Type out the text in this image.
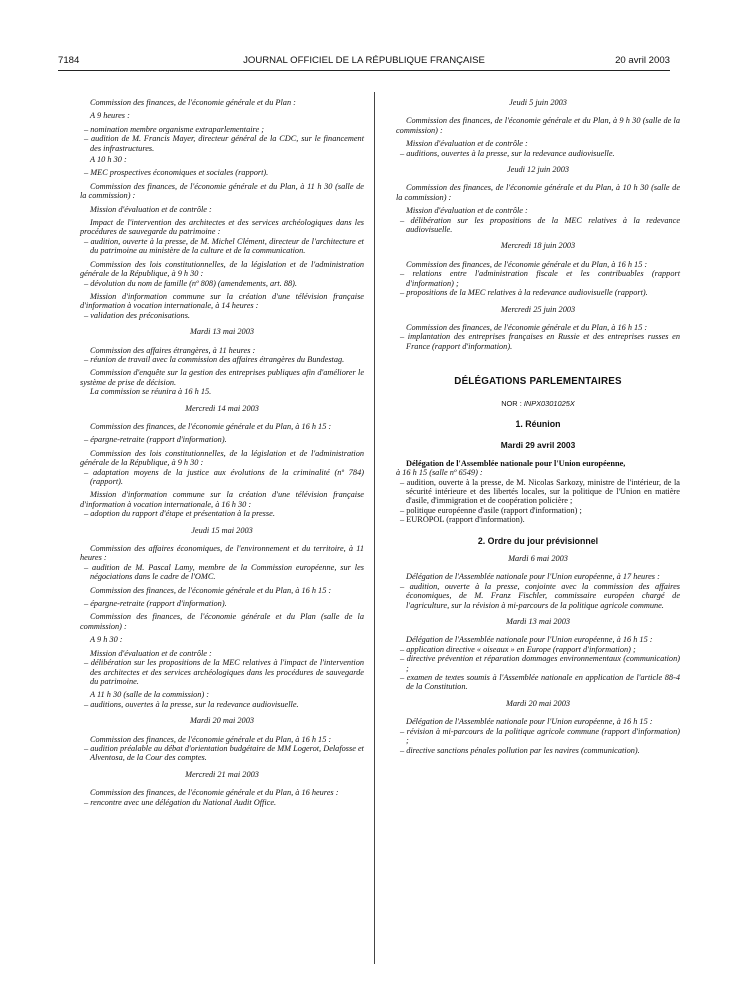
7184	JOURNAL OFFICIEL DE LA RÉPUBLIQUE FRANÇAISE	20 avril 2003

Commission des finances, de l'économie générale et du Plan :

A 9 heures :

– nomination membre organisme extraparlementaire ;

– audition de M. Francis Mayer, directeur général de la CDC, sur le financement des infrastructures.

A 10 h 30 :

– MEC prospectives économiques et sociales (rapport).

Commission des finances, de l'économie générale et du Plan, à 11 h 30 (salle de la commission) :

Mission d'évaluation et de contrôle :

Impact de l'intervention des architectes et des services archéologiques dans les procédures de sauvegarde du patrimoine :

– audition, ouverte à la presse, de M. Michel Clément, directeur de l'architecture et du patrimoine au ministère de la culture et de la communication.

Commission des lois constitutionnelles, de la législation et de l'administration générale de la République, à 9 h 30 :

– dévolution du nom de famille (nº 808) (amendements, art. 88).

Mission d'information commune sur la création d'une télévision française d'information à vocation internationale, à 14 heures :

– validation des préconisations.

Mardi 13 mai 2003

Commission des affaires étrangères, à 11 heures :

– réunion de travail avec la commission des affaires étrangères du Bundestag.

Commission d'enquête sur la gestion des entreprises publiques afin d'améliorer le système de prise de décision.

La commission se réunira à 16 h 15.

Mercredi 14 mai 2003

Commission des finances, de l'économie générale et du Plan, à 16 h 15 :

– épargne-retraite (rapport d'information).

Commission des lois constitutionnelles, de la législation et de l'administration générale de la République, à 9 h 30 :

– adaptation moyens de la justice aux évolutions de la criminalité (nº 784) (rapport).

Mission d'information commune sur la création d'une télévision française d'information à vocation internationale, à 16 h 30 :

– adoption du rapport d'étape et présentation à la presse.

Jeudi 15 mai 2003

Commission des affaires économiques, de l'environnement et du territoire, à 11 heures :

– audition de M. Pascal Lamy, membre de la Commission européenne, sur les négociations dans le cadre de l'OMC.

Commission des finances, de l'économie générale et du Plan, à 16 h 15 :

– épargne-retraite (rapport d'information).

Commission des finances, de l'économie générale et du Plan (salle de la commission) :

A 9 h 30 :

Mission d'évaluation et de contrôle :

– délibération sur les propositions de la MEC relatives à l'impact de l'intervention des architectes et des services archéologiques dans les procédures de sauvegarde du patrimoine.

A 11 h 30 (salle de la commission) :

– auditions, ouvertes à la presse, sur la redevance audiovisuelle.

Mardi 20 mai 2003

Commission des finances, de l'économie générale et du Plan, à 16 h 15 :

– audition préalable au débat d'orientation budgétaire de MM Logerot, Delafosse et Alventosa, de la Cour des comptes.

Mercredi 21 mai 2003

Commission des finances, de l'économie générale et du Plan, à 16 heures :

– rencontre avec une délégation du National Audit Office.

Jeudi 5 juin 2003

Commission des finances, de l'économie générale et du Plan, à 9 h 30 (salle de la commission) :

Mission d'évaluation et de contrôle :

– auditions, ouvertes à la presse, sur la redevance audiovisuelle.

Jeudi 12 juin 2003

Commission des finances, de l'économie générale et du Plan, à 10 h 30 (salle de la commission) :

Mission d'évaluation et de contrôle :

– délibération sur les propositions de la MEC relatives à la redevance audiovisuelle.

Mercredi 18 juin 2003

Commission des finances, de l'économie générale et du Plan, à 16 h 15 :

– relations entre l'administration fiscale et les contribuables (rapport d'information) ;

– propositions de la MEC relatives à la redevance audiovisuelle (rapport).

Mercredi 25 juin 2003

Commission des finances, de l'économie générale et du Plan, à 16 h 15 :

– implantation des entreprises françaises en Russie et des entreprises russes en France (rapport d'information).

DÉLÉGATIONS PARLEMENTAIRES
NOR : INPX0301025X
1. Réunion
Mardi 29 avril 2003

Délégation de l'Assemblée nationale pour l'Union européenne,

à 16 h 15 (salle nº 6549) :

– audition, ouverte à la presse, de M. Nicolas Sarkozy, ministre de l'intérieur, de la sécurité intérieure et des libertés locales, sur la politique de l'Union en matière d'asile, d'immigration et de coopération policière ;

– politique européenne d'asile (rapport d'information) ;

– EUROPOL (rapport d'information).

2. Ordre du jour prévisionnel
Mardi 6 mai 2003

Délégation de l'Assemblée nationale pour l'Union européenne, à 17 heures :

– audition, ouverte à la presse, conjointe avec la commission des affaires économiques, de M. Franz Fischler, commissaire européen chargé de l'agriculture, sur la révision à mi-parcours de la politique agricole commune.

Mardi 13 mai 2003

Délégation de l'Assemblée nationale pour l'Union européenne, à 16 h 15 :

– application directive « oiseaux » en Europe (rapport d'information) ;

– directive prévention et réparation dommages environnementaux (communication) ;

– examen de textes soumis à l'Assemblée nationale en application de l'article 88-4 de la Constitution.

Mardi 20 mai 2003

Délégation de l'Assemblée nationale pour l'Union européenne, à 16 h 15 :

– révision à mi-parcours de la politique agricole commune (rapport d'information) ;

– directive sanctions pénales pollution par les navires (communication).
